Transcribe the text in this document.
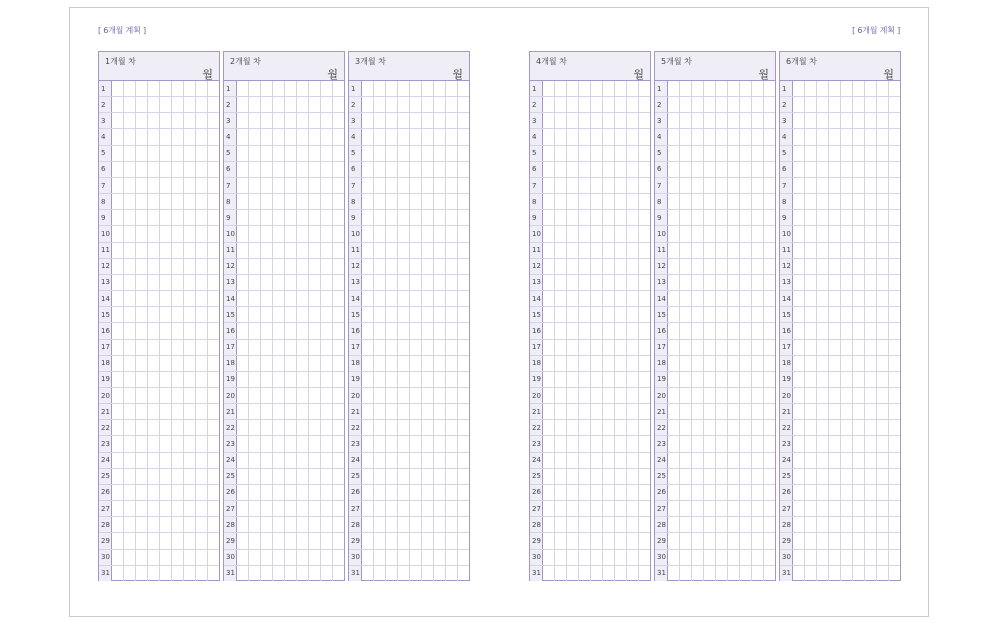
[ 6개월 계획 ]	[ 6개월 계획 ]
1개월 차
월
1
2
3
4
5
6
7
8
9
10
11
12
13
14
15
16
17
18
19
20
21
22
23
24
25
26
27
28
29
30
31
2개월 차
월
1
2
3
4
5
6
7
8
9
10
11
12
13
14
15
16
17
18
19
20
21
22
23
24
25
26
27
28
29
30
31
3개월 차
월
1
2
3
4
5
6
7
8
9
10
11
12
13
14
15
16
17
18
19
20
21
22
23
24
25
26
27
28
29
30
31
4개월 차
월
1
2
3
4
5
6
7
8
9
10
11
12
13
14
15
16
17
18
19
20
21
22
23
24
25
26
27
28
29
30
31
5개월 차
월
1
2
3
4
5
6
7
8
9
10
11
12
13
14
15
16
17
18
19
20
21
22
23
24
25
26
27
28
29
30
31
6개월 차
월
1
2
3
4
5
6
7
8
9
10
11
12
13
14
15
16
17
18
19
20
21
22
23
24
25
26
27
28
29
30
31
